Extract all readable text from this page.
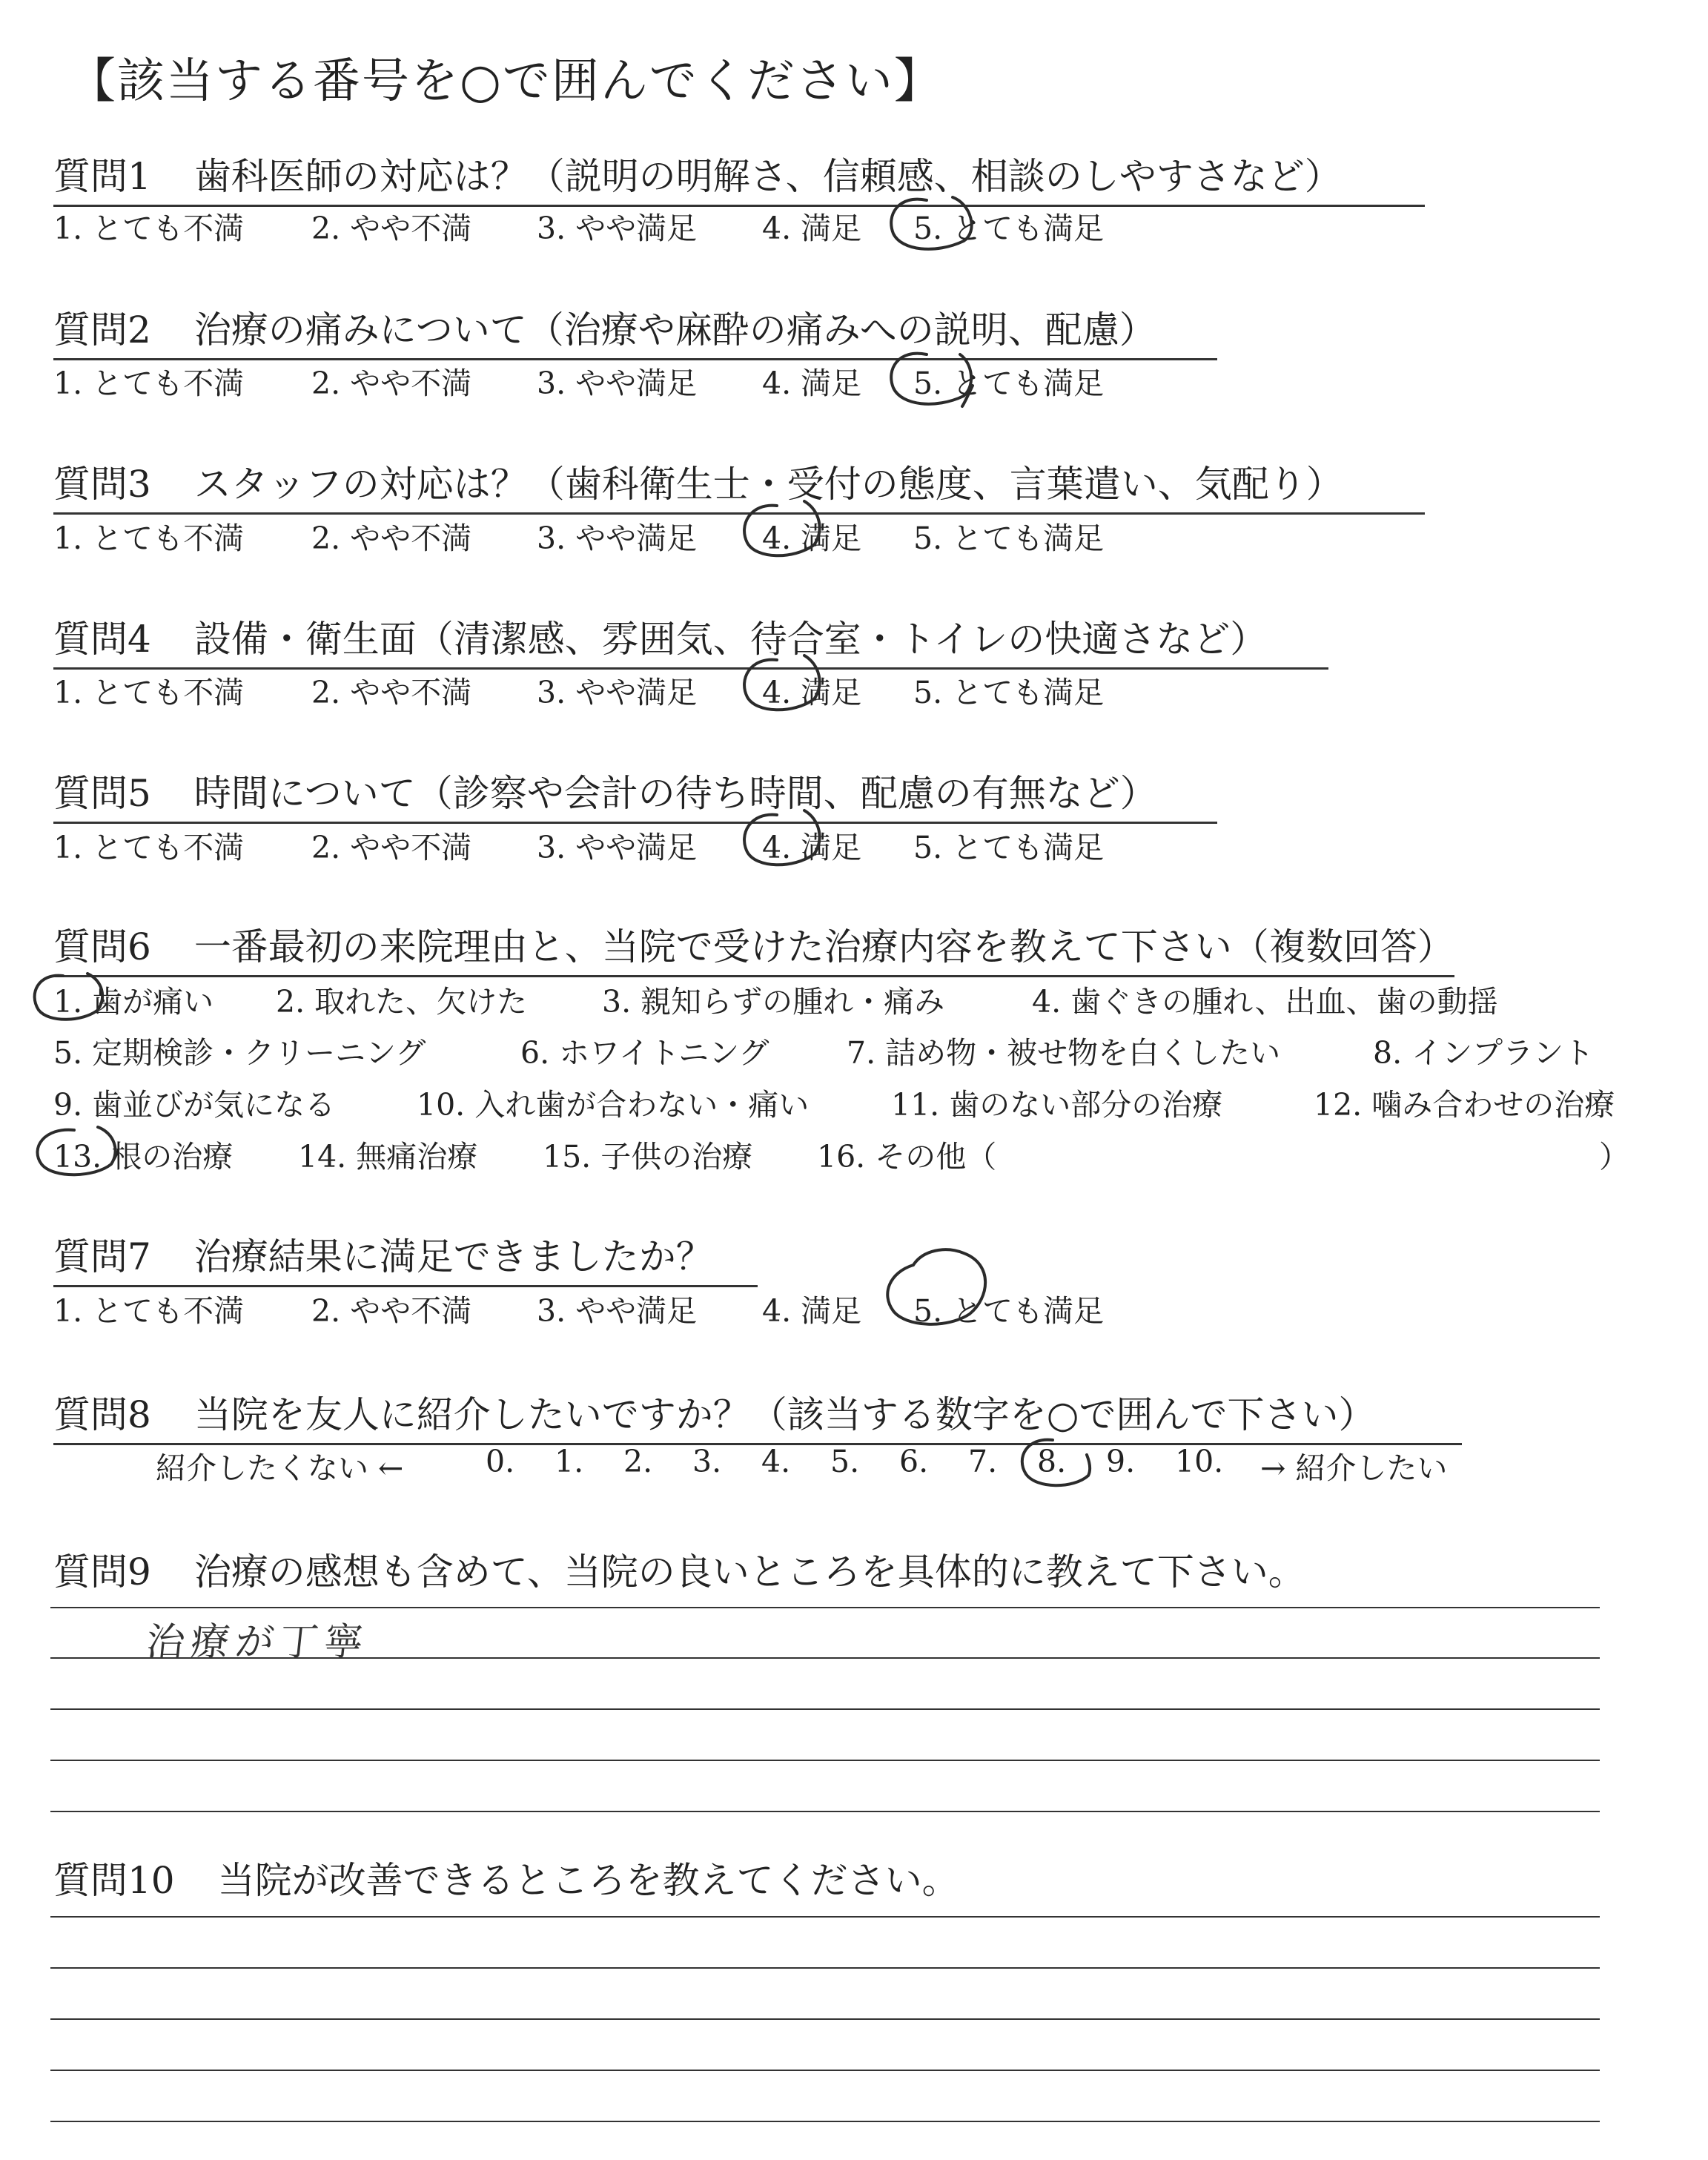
【該当する番号を○で囲んでください】
質問1 歯科医師の対応は？（説明の明解さ、信頼感、相談のしやすさなど）
1. とても不満 2. やや不満 3. やや満足 4. 満足 5. とても満足
質問2 治療の痛みについて（治療や麻酔の痛みへの説明、配慮）
1. とても不満 2. やや不満 3. やや満足 4. 満足 5. とても満足
質問3 スタッフの対応は？（歯科衛生士・受付の態度、言葉遣い、気配り）
1. とても不満 2. やや不満 3. やや満足 4. 満足 5. とても満足
質問4 設備・衛生面（清潔感、雰囲気、待合室・トイレの快適さなど）
1. とても不満 2. やや不満 3. やや満足 4. 満足 5. とても満足
質問5 時間について（診察や会計の待ち時間、配慮の有無など）
1. とても不満 2. やや不満 3. やや満足 4. 満足 5. とても満足
質問6 一番最初の来院理由と、当院で受けた治療内容を教えて下さい（複数回答）
1. 歯が痛い 2. 取れた、欠けた 3. 親知らずの腫れ・痛み	4. 歯ぐきの腫れ、出血、歯の動揺
5. 定期検診・クリーニング	6. ホワイトニング	7. 詰め物・被せ物を白くしたい	8. インプラント
9. 歯並びが気になる	10. 入れ歯が合わない・痛い	11. 歯のない部分の治療	12. 噛み合わせの治療
13. 根の治療 14. 無痛治療 15. 子供の治療 16. その他（	）
質問7 治療結果に満足できましたか？
1. とても不満 2. やや不満 3. やや満足 4. 満足 5. とても満足
質問8 当院を友人に紹介したいですか？（該当する数字を○で囲んで下さい）
紹介したくない ←	0. 1. 2. 3. 4. 5. 6. 7. 8. 9. 10. → 紹介したい
質問9 治療の感想も含めて、当院の良いところを具体的に教えて下さい。
治療が丁寧
質問10 当院が改善できるところを教えてください。
